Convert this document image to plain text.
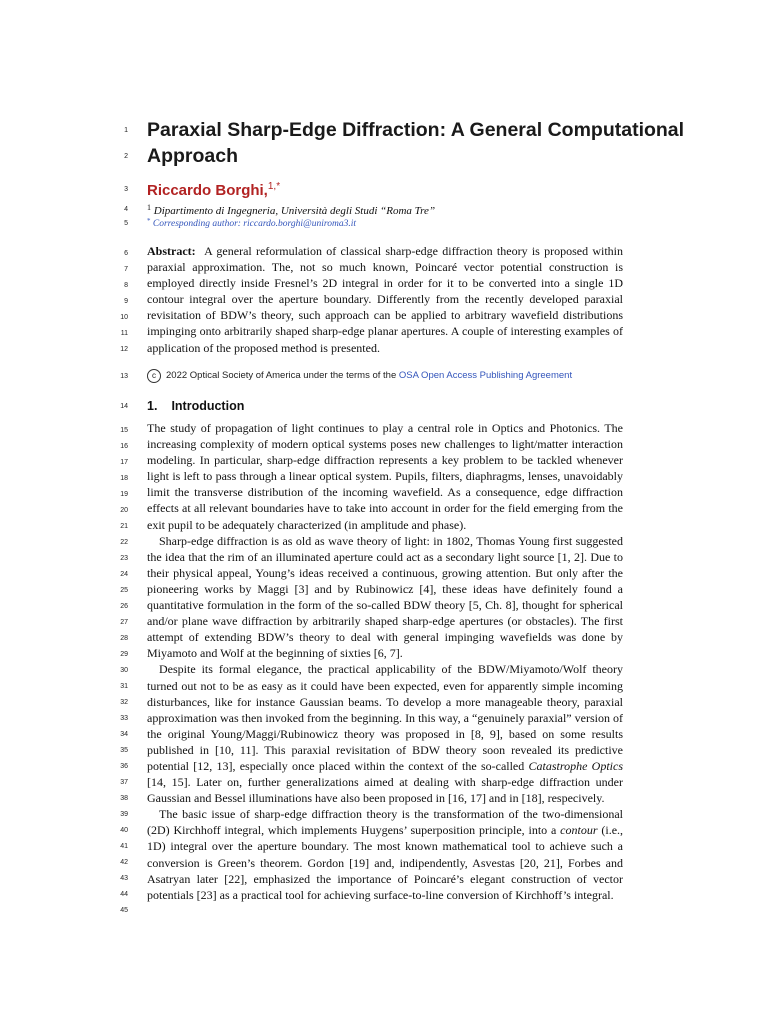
1
2
3
4
5
6
7
8
9
10
11
12
13
14
15
16
17
18
19
20
21
22
23
24
25
26
27
28
29
30
31
32
33
34
35
36
37
38
39
40
41
42
43
44
45
Paraxial Sharp-Edge Diffraction: A General Computational Approach
Riccardo Borghi,$^{1,*}$
$^1$ Dipartimento di Ingegneria, Università degli Studi “Roma Tre”
* Corresponding author: riccardo.borghi@uniroma3.it
Abstract: A general reformulation of classical sharp-edge diffraction theory is proposed within paraxial approximation. The, not so much known, Poincaré vector potential construction is employed directly inside Fresnel’s 2D integral in order for it to be converted into a single 1D contour integral over the aperture boundary. Differently from the recently developed paraxial revisitation of BDW’s theory, such approach can be applied to arbitrary wavefield distributions impinging onto arbitrarily shaped sharp-edge planar apertures. A couple of interesting examples of application of the proposed method is presented.
c 2022 Optical Society of America under the terms of the OSA Open Access Publishing Agreement
1. Introduction

The study of propagation of light continues to play a central role in Optics and Photonics. The increasing complexity of modern optical systems poses new challenges to light/matter interaction modeling. In particular, sharp-edge diffraction represents a key problem to be tackled whenever light is left to pass through a linear optical system. Pupils, filters, diaphragms, lenses, unavoidably limit the transverse distribution of the incoming wavefield. As a consequence, edge diffraction effects at all relevant boundaries have to take into account in order for the field emerging from the exit pupil to be adequately characterized (in amplitude and phase).

Sharp-edge diffraction is as old as wave theory of light: in 1802, Thomas Young first suggested the idea that the rim of an illuminated aperture could act as a secondary light source [1, 2]. Due to their physical appeal, Young’s ideas received a continuous, growing attention. But only after the pioneering works by Maggi [3] and by Rubinowicz [4], these ideas have definitely found a quantitative formulation in the form of the so-called BDW theory [5, Ch. 8], thought for spherical and/or plane wave diffraction by arbitrarily shaped sharp-edge apertures (or obstacles). The first attempt of extending BDW’s theory to deal with general impinging wavefields was done by Miyamoto and Wolf at the beginning of sixties [6, 7].

Despite its formal elegance, the practical applicability of the BDW/Miyamoto/Wolf theory turned out not to be as easy as it could have been expected, even for apparently simple incoming disturbances, like for instance Gaussian beams. To develop a more manageable theory, paraxial approximation was then invoked from the beginning. In this way, a “genuinely paraxial” version of the original Young/Maggi/Rubinowicz theory was proposed in [8, 9], based on some results published in [10, 11]. This paraxial revisitation of BDW theory soon revealed its predictive potential [12, 13], especially once placed within the context of the so-called Catastrophe Optics [14, 15]. Later on, further generalizations aimed at dealing with sharp-edge diffraction under Gaussian and Bessel illuminations have also been proposed in [16, 17] and in [18], respecively.

The basic issue of sharp-edge diffraction theory is the transformation of the two-dimensional (2D) Kirchhoff integral, which implements Huygens’ superposition principle, into a contour (i.e., 1D) integral over the aperture boundary. The most known mathematical tool to achieve such a conversion is Green’s theorem. Gordon [19] and, indipendently, Asvestas [20, 21], Forbes and Asatryan later [22], emphasized the importance of Poincaré’s elegant construction of vector potentials [23] as a practical tool for achieving surface-to-line conversion of Kirchhoff’s integral.
